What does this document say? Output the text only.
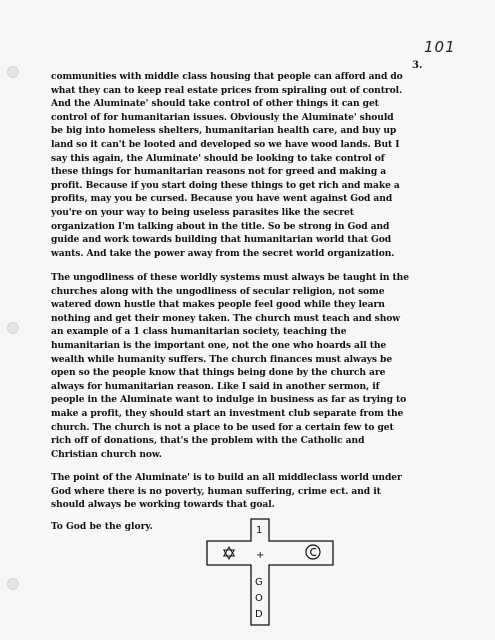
101
3.

communities with middle class housing that people can afford and do
what they can to keep real estate prices from spiraling out of control.
And the Aluminate' should take control of other things it can get
control of for humanitarian issues. Obviously the Aluminate' should
be big into homeless shelters, humanitarian health care, and buy up
land so it can't be looted and developed so we have wood lands. But I
say this again, the Aluminate' should be looking to take control of
these things for humanitarian reasons not for greed and making a
profit. Because if you start doing these things to get rich and make a
profits, may you be cursed. Because you have went against God and
you're on your way to being useless parasites like the secret
organization I'm talking about in the title. So be strong in God and
guide and work towards building that humanitarian world that God
wants. And take the power away from the secret world organization.

The ungodliness of these worldly systems must always be taught in the
churches along with the ungodliness of secular religion, not some
watered down hustle that makes people feel good while they learn
nothing and get their money taken. The church must teach and show
an example of a 1 class humanitarian society, teaching the
humanitarian is the important one, not the one who hoards all the
wealth while humanity suffers. The church finances must always be
open so the people know that things being done by the church are
always for humanitarian reason. Like I said in another sermon, if
people in the Aluminate want to indulge in business as far as trying to
make a profit, they should start an investment club separate from the
church. The church is not a place to be used for a certain few to get
rich off of donations, that's the problem with the Catholic and
Christian church now.

The point of the Aluminate' is to build an all middleclass world under
God where there is no poverty, human suffering, crime ect. and it
should always be working towards that goal.

To God be the glory.	1
+
G
O
D
